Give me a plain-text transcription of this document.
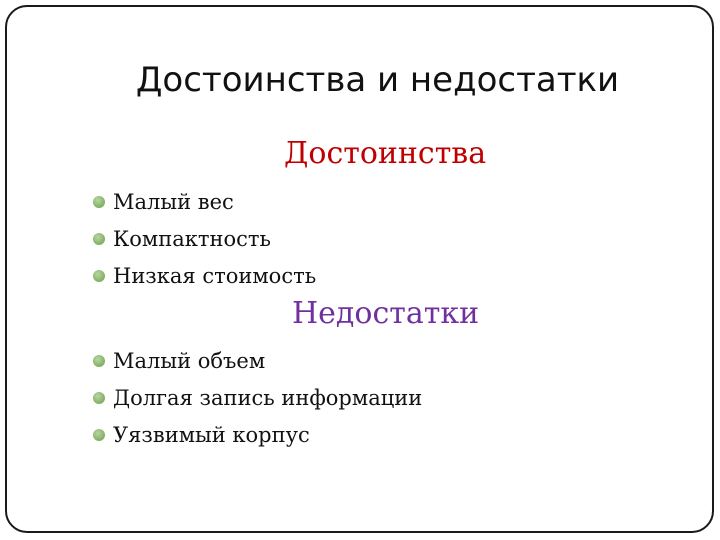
Достоинства и недостатки
Достоинства
Малый вес
Компактность
Низкая стоимость
Недостатки
Малый объем
Долгая запись информации
Уязвимый корпус
